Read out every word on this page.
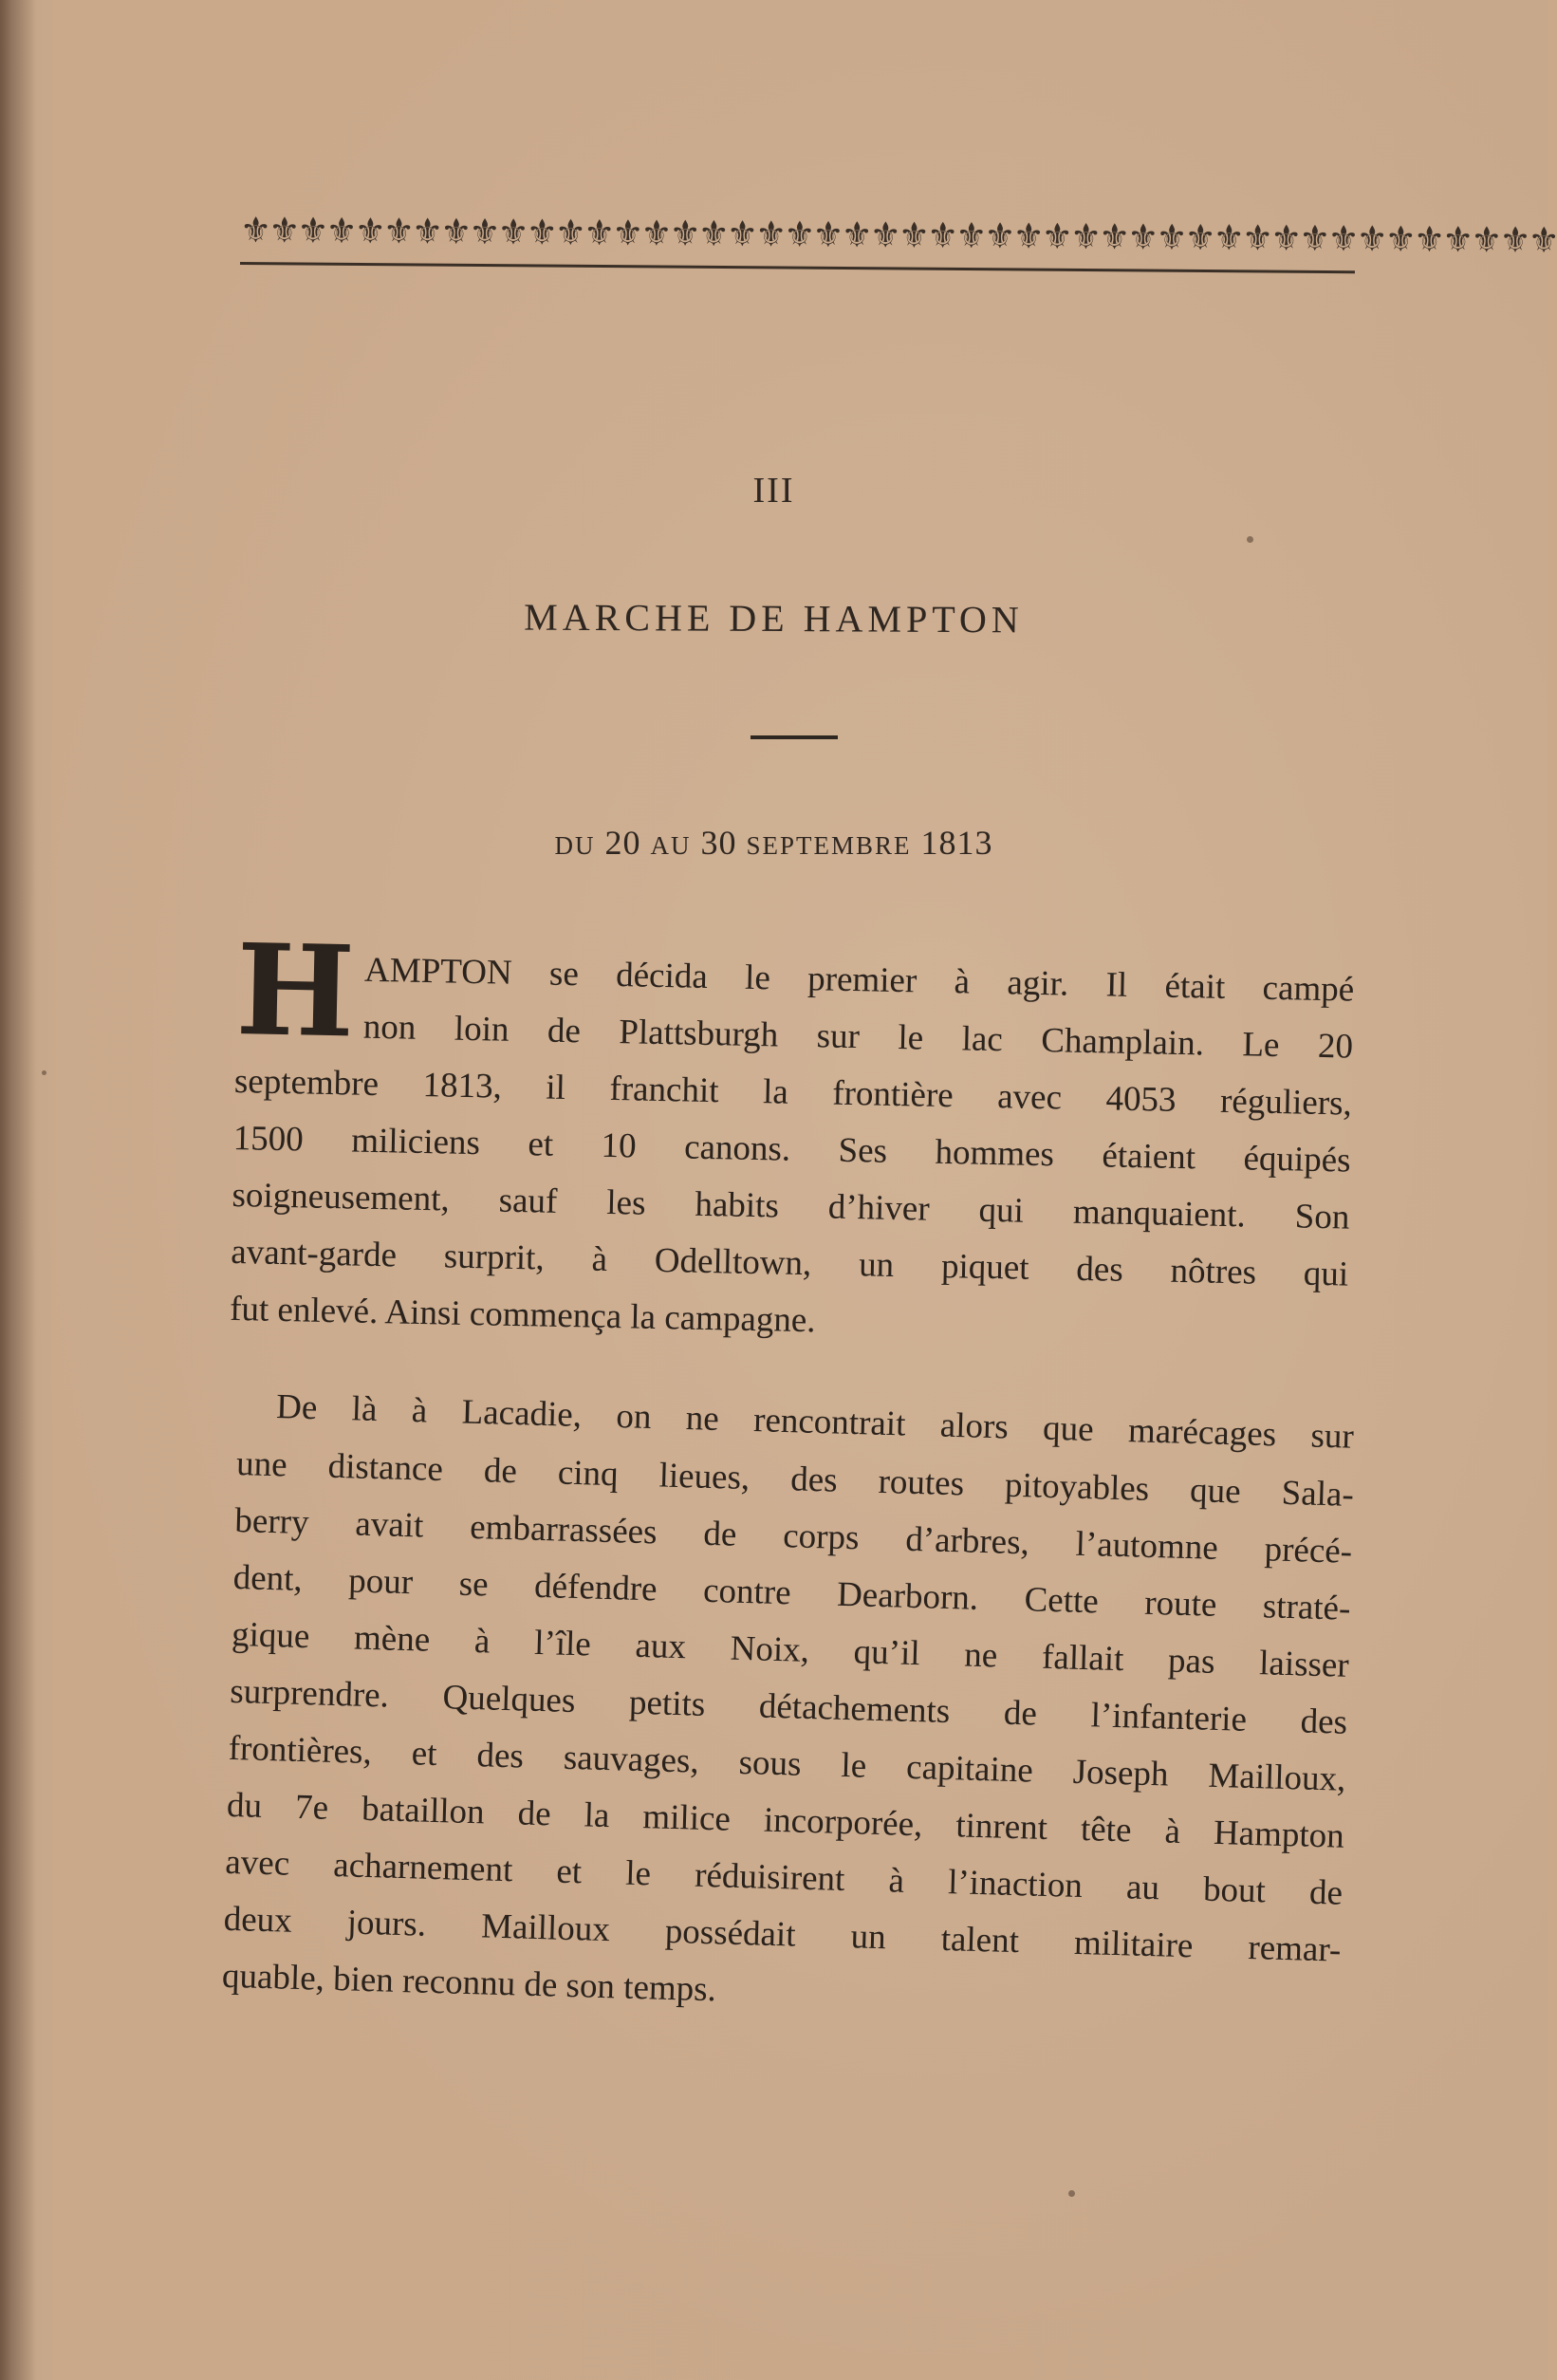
⚜⚜⚜⚜⚜⚜⚜⚜⚜⚜⚜⚜⚜⚜⚜⚜⚜⚜⚜⚜⚜⚜⚜⚜⚜⚜⚜⚜⚜⚜⚜⚜⚜⚜⚜⚜⚜⚜⚜⚜⚜⚜⚜⚜⚜⚜
III
MARCHE DE HAMPTON
DU 20 AU 30 SEPTEMBRE 1813
H AMPTON se décida le premier à agir. Il était campé
non loin de Plattsburgh sur le lac Champlain. Le 20
septembre 1813, il franchit la frontière avec 4053 réguliers,
1500 miliciens et 10 canons. Ses hommes étaient équipés
soigneusement, sauf les habits d’hiver qui manquaient. Son
avant-garde surprit, à Odelltown, un piquet des nôtres qui
fut enlevé. Ainsi commença la campagne.
De là à Lacadie, on ne rencontrait alors que marécages sur
une distance de cinq lieues, des routes pitoyables que Sala-
berry avait embarrassées de corps d’arbres, l’automne précé-
dent, pour se défendre contre Dearborn. Cette route straté-
gique mène à l’île aux Noix, qu’il ne fallait pas laisser
surprendre. Quelques petits détachements de l’infanterie des
frontières, et des sauvages, sous le capitaine Joseph Mailloux,
du 7e bataillon de la milice incorporée, tinrent tête à Hampton
avec acharnement et le réduisirent à l’inaction au bout de
deux jours. Mailloux possédait un talent militaire remar-
quable, bien reconnu de son temps.
